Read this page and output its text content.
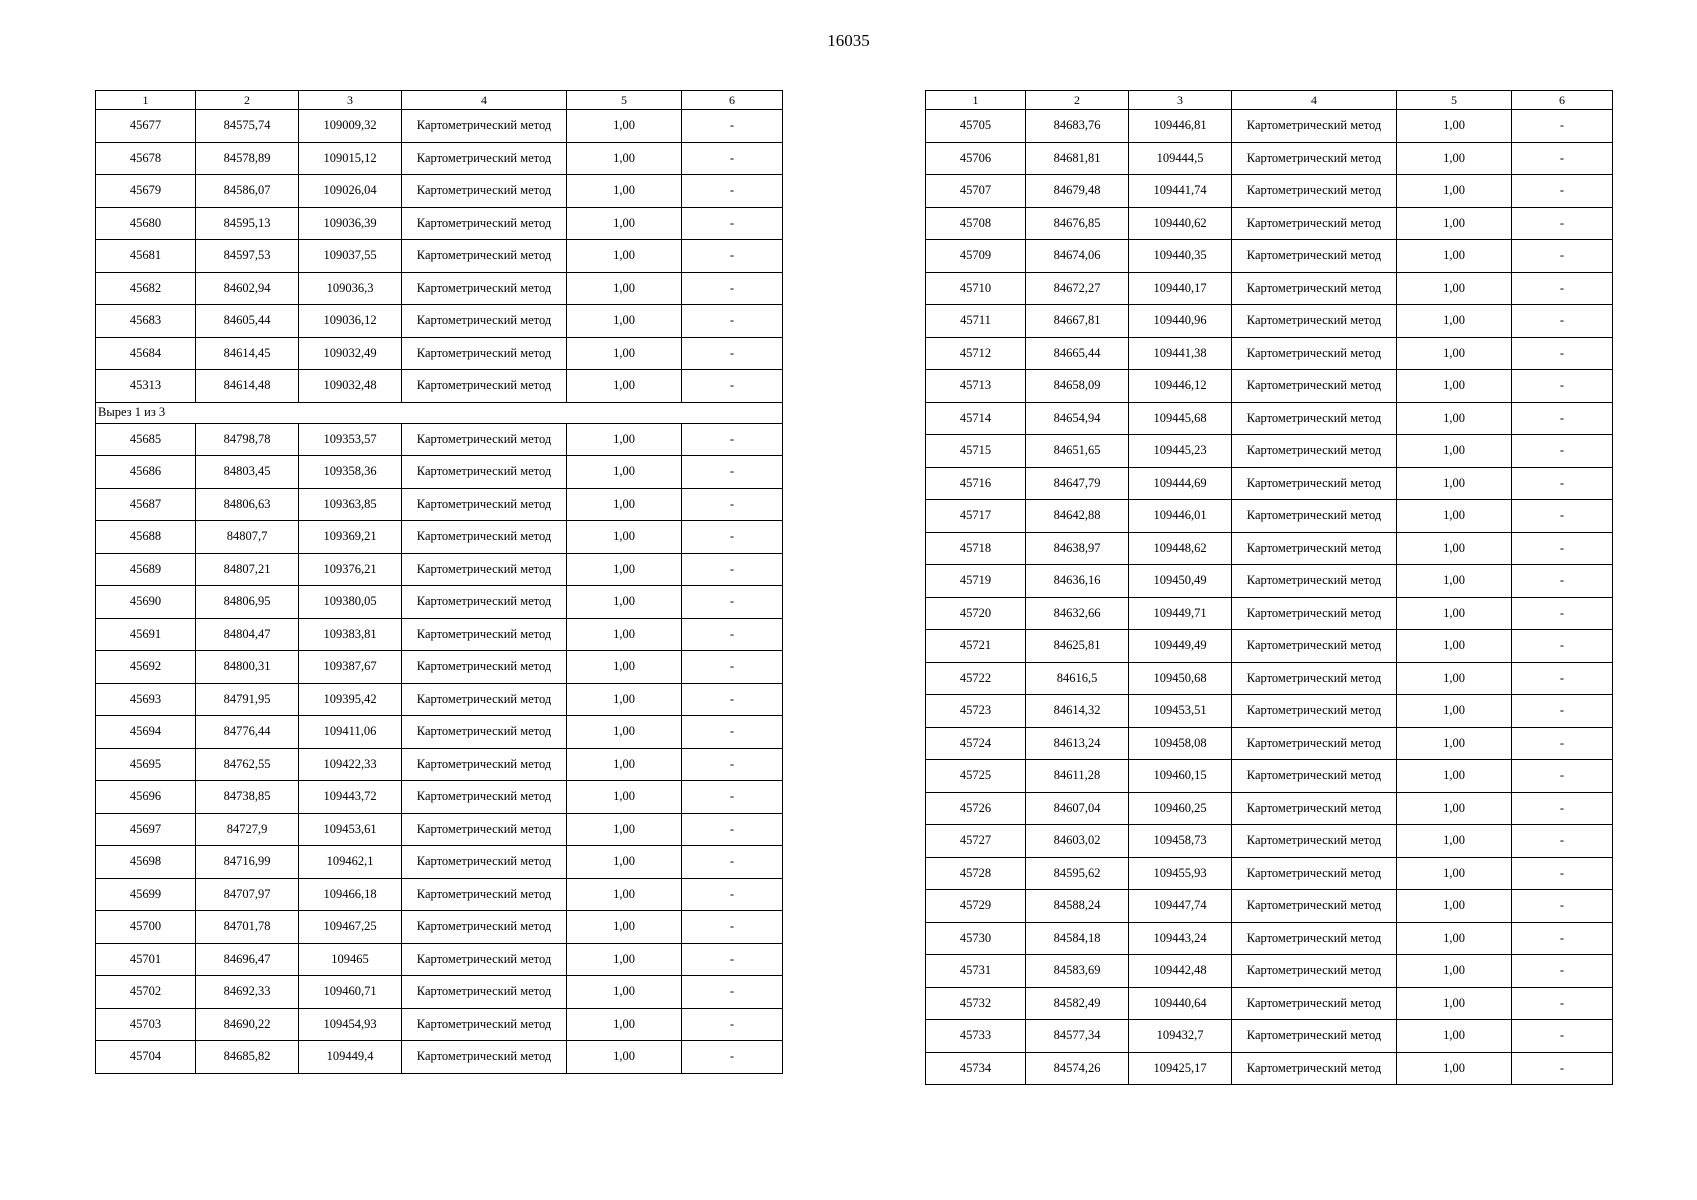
16035
1	2	3	4	5	6
45677	84575,74	109009,32	Картометрический метод	1,00	-
45678	84578,89	109015,12	Картометрический метод	1,00	-
45679	84586,07	109026,04	Картометрический метод	1,00	-
45680	84595,13	109036,39	Картометрический метод	1,00	-
45681	84597,53	109037,55	Картометрический метод	1,00	-
45682	84602,94	109036,3	Картометрический метод	1,00	-
45683	84605,44	109036,12	Картометрический метод	1,00	-
45684	84614,45	109032,49	Картометрический метод	1,00	-
45313	84614,48	109032,48	Картометрический метод	1,00	-
Вырез 1 из 3					
45685	84798,78	109353,57	Картометрический метод	1,00	-
45686	84803,45	109358,36	Картометрический метод	1,00	-
45687	84806,63	109363,85	Картометрический метод	1,00	-
45688	84807,7	109369,21	Картометрический метод	1,00	-
45689	84807,21	109376,21	Картометрический метод	1,00	-
45690	84806,95	109380,05	Картометрический метод	1,00	-
45691	84804,47	109383,81	Картометрический метод	1,00	-
45692	84800,31	109387,67	Картометрический метод	1,00	-
45693	84791,95	109395,42	Картометрический метод	1,00	-
45694	84776,44	109411,06	Картометрический метод	1,00	-
45695	84762,55	109422,33	Картометрический метод	1,00	-
45696	84738,85	109443,72	Картометрический метод	1,00	-
45697	84727,9	109453,61	Картометрический метод	1,00	-
45698	84716,99	109462,1	Картометрический метод	1,00	-
45699	84707,97	109466,18	Картометрический метод	1,00	-
45700	84701,78	109467,25	Картометрический метод	1,00	-
45701	84696,47	109465	Картометрический метод	1,00	-
45702	84692,33	109460,71	Картометрический метод	1,00	-
45703	84690,22	109454,93	Картометрический метод	1,00	-
45704	84685,82	109449,4	Картометрический метод	1,00	-
1	2	3	4	5	6
45705	84683,76	109446,81	Картометрический метод	1,00	-
45706	84681,81	109444,5	Картометрический метод	1,00	-
45707	84679,48	109441,74	Картометрический метод	1,00	-
45708	84676,85	109440,62	Картометрический метод	1,00	-
45709	84674,06	109440,35	Картометрический метод	1,00	-
45710	84672,27	109440,17	Картометрический метод	1,00	-
45711	84667,81	109440,96	Картометрический метод	1,00	-
45712	84665,44	109441,38	Картометрический метод	1,00	-
45713	84658,09	109446,12	Картометрический метод	1,00	-
45714	84654,94	109445,68	Картометрический метод	1,00	-
45715	84651,65	109445,23	Картометрический метод	1,00	-
45716	84647,79	109444,69	Картометрический метод	1,00	-
45717	84642,88	109446,01	Картометрический метод	1,00	-
45718	84638,97	109448,62	Картометрический метод	1,00	-
45719	84636,16	109450,49	Картометрический метод	1,00	-
45720	84632,66	109449,71	Картометрический метод	1,00	-
45721	84625,81	109449,49	Картометрический метод	1,00	-
45722	84616,5	109450,68	Картометрический метод	1,00	-
45723	84614,32	109453,51	Картометрический метод	1,00	-
45724	84613,24	109458,08	Картометрический метод	1,00	-
45725	84611,28	109460,15	Картометрический метод	1,00	-
45726	84607,04	109460,25	Картометрический метод	1,00	-
45727	84603,02	109458,73	Картометрический метод	1,00	-
45728	84595,62	109455,93	Картометрический метод	1,00	-
45729	84588,24	109447,74	Картометрический метод	1,00	-
45730	84584,18	109443,24	Картометрический метод	1,00	-
45731	84583,69	109442,48	Картометрический метод	1,00	-
45732	84582,49	109440,64	Картометрический метод	1,00	-
45733	84577,34	109432,7	Картометрический метод	1,00	-
45734	84574,26	109425,17	Картометрический метод	1,00	-
